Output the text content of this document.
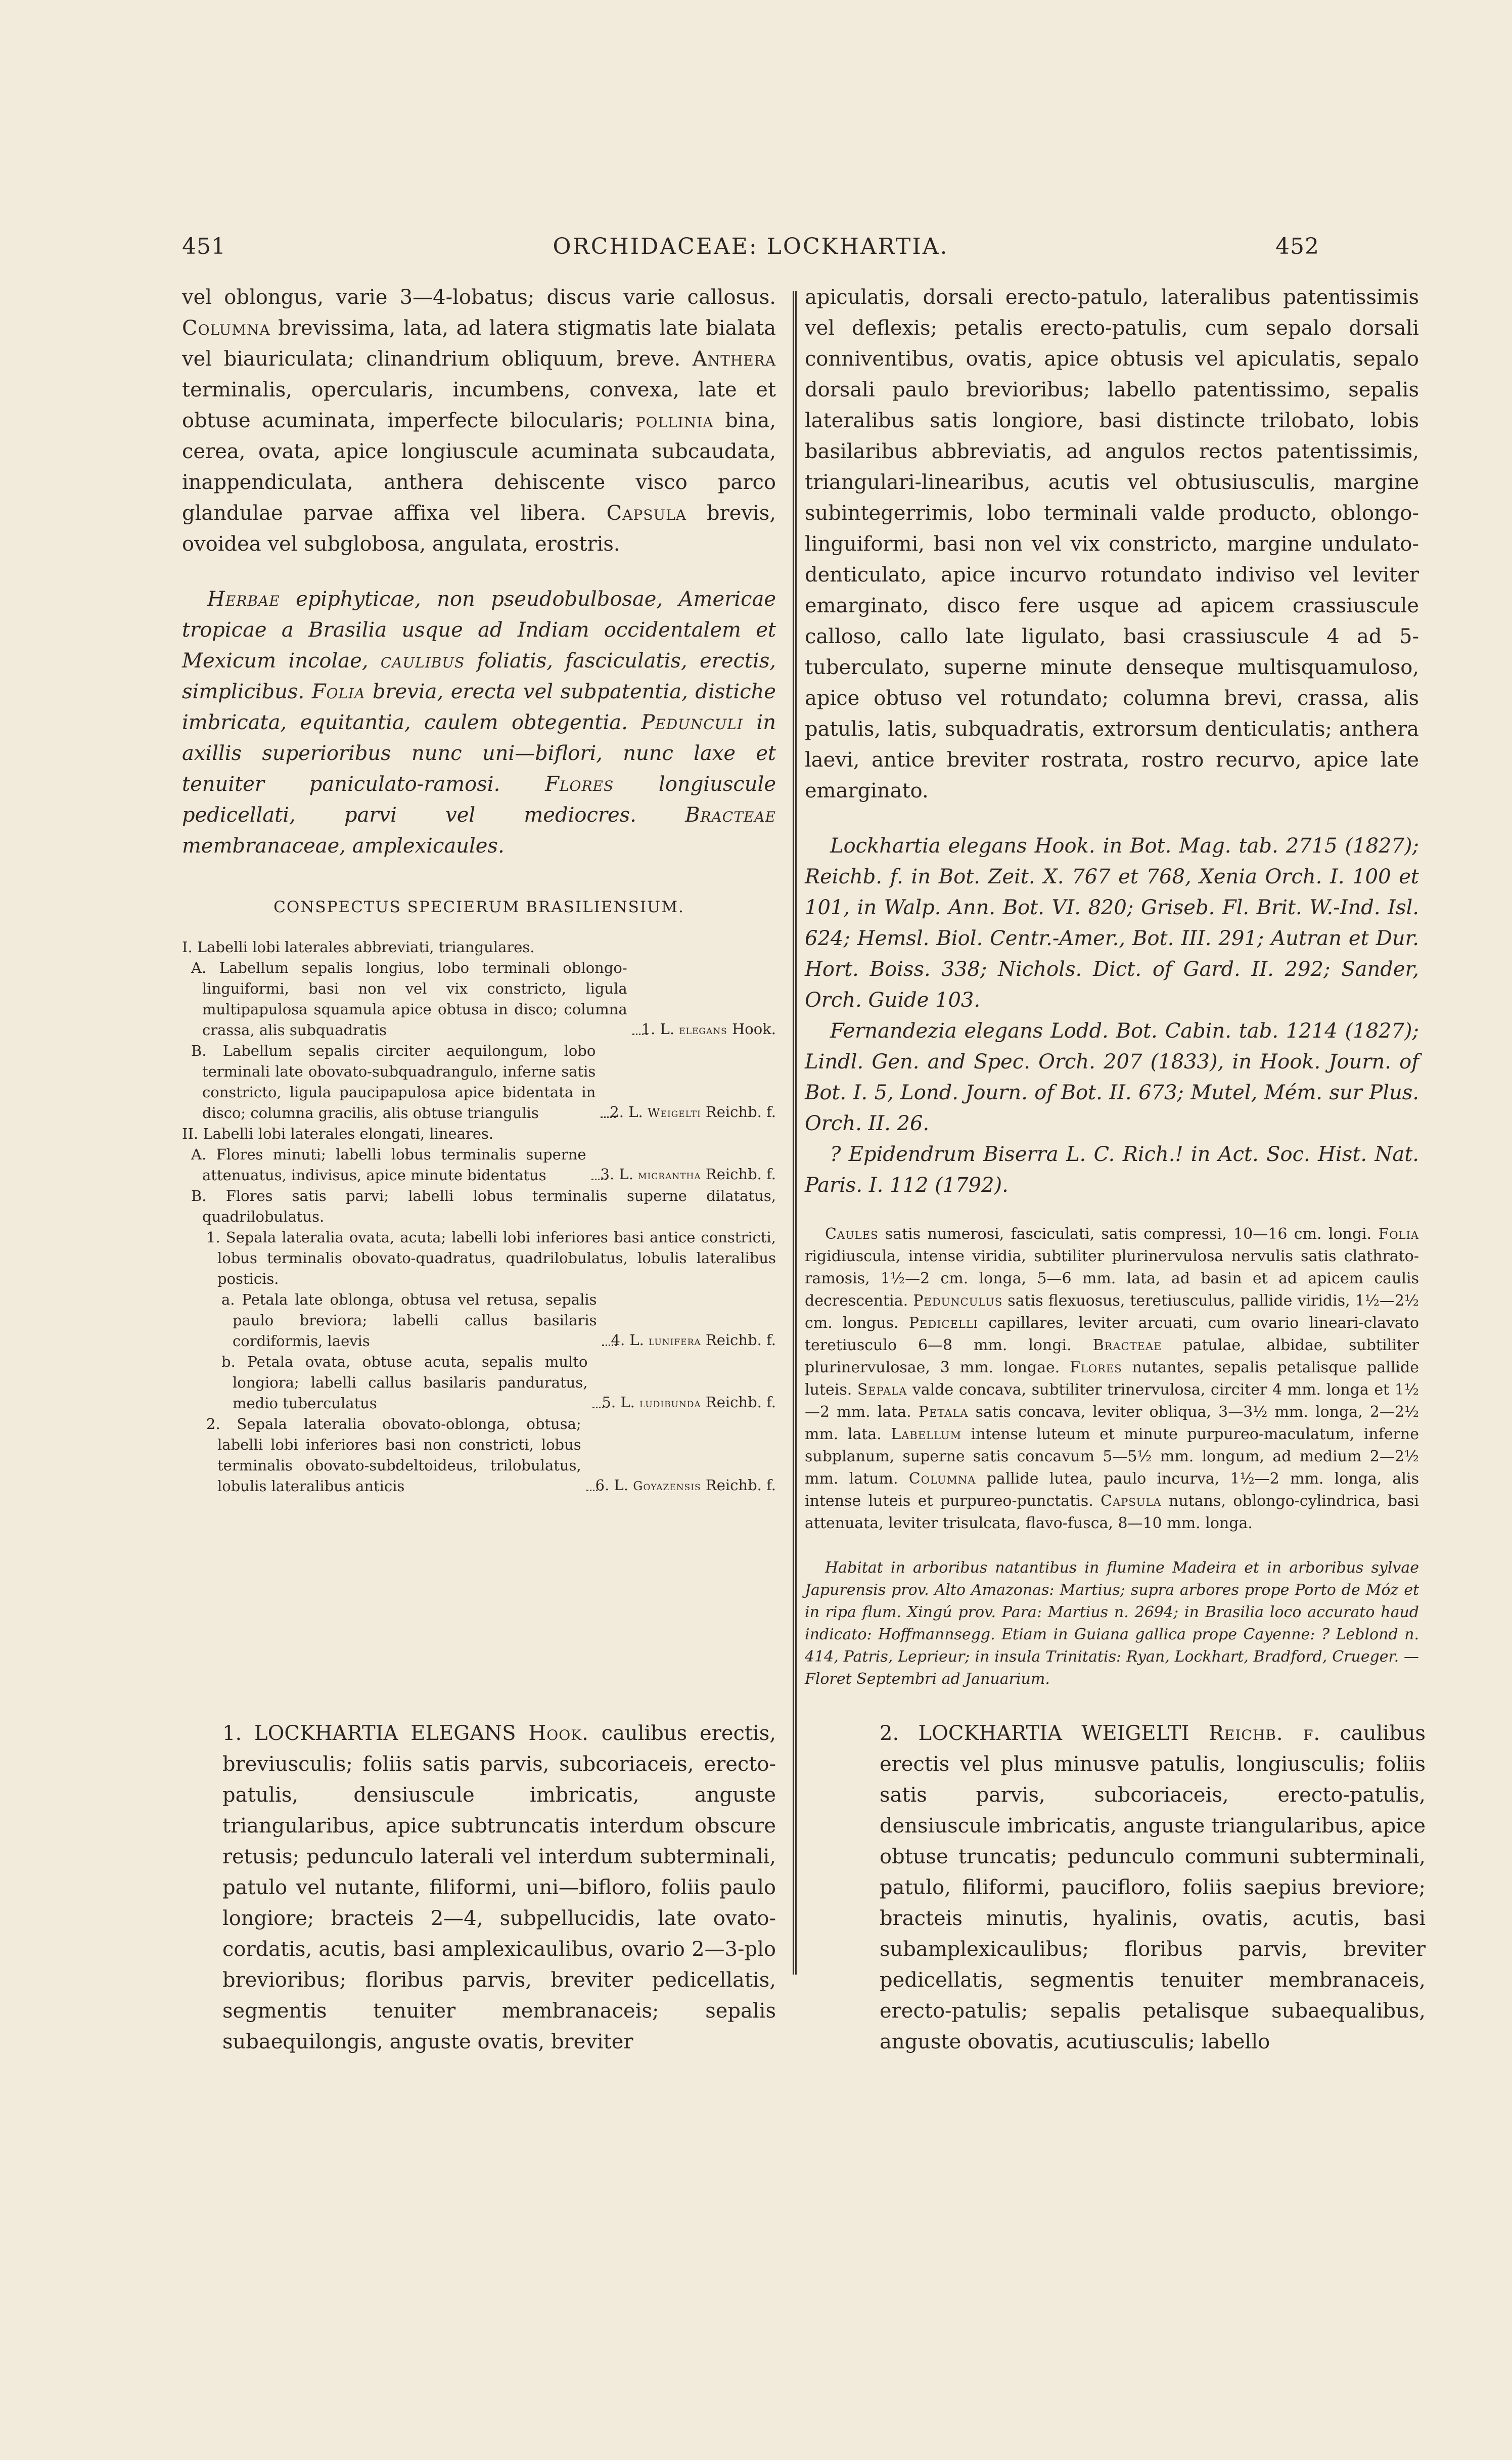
451	ORCHIDACEAE: LOCKHARTIA.	452

vel oblongus, varie 3—4-lobatus; discus varie callosus. Columna brevissima, lata, ad latera stigmatis late bialata vel biauriculata; clinandrium obliquum, breve. Anthera terminalis, opercularis, incumbens, convexa, late et obtuse acuminata, imperfecte bilocularis; pollinia bina, cerea, ovata, apice longiuscule acuminata subcaudata, inappendiculata, anthera dehiscente visco parco glandulae parvae affixa vel libera. Capsula brevis, ovoidea vel subglobosa, angulata, erostris.

Herbae epiphyticae, non pseudobulbosae, Americae tropicae a Brasilia usque ad Indiam occidentalem et Mexicum incolae, caulibus foliatis, fasciculatis, erectis, simplicibus. Folia brevia, erecta vel subpatentia, distiche imbricata, equitantia, caulem obtegentia. Pedunculi in axillis superioribus nunc uni—biflori, nunc laxe et tenuiter paniculato-ramosi. Flores longiuscule pedicellati, parvi vel mediocres. Bracteae membranaceae, amplexicaules.

CONSPECTUS SPECIERUM BRASILIENSIUM.
I. Labelli lobi laterales abbreviati, triangulares.
A. Labellum sepalis longius, lobo terminali oblongo-linguiformi, basi non vel vix constricto, ligula multipapulosa squamula apice obtusa in disco; columna crassa, alis subquadratis	1. L. elegans Hook.
B. Labellum sepalis circiter aequilongum, lobo terminali late obovato-subquadrangulo, inferne satis constricto, ligula paucipapulosa apice bidentata in disco; columna gracilis, alis obtuse triangulis	2. L. Weigelti Reichb. f.
II. Labelli lobi laterales elongati, lineares.
A. Flores minuti; labelli lobus terminalis superne attenuatus, indivisus, apice minute bidentatus	3. L. micrantha Reichb. f.
B. Flores satis parvi; labelli lobus terminalis superne dilatatus, quadrilobulatus.
1. Sepala lateralia ovata, acuta; labelli lobi inferiores basi antice constricti, lobus terminalis obovato-quadratus, quadrilobulatus, lobulis lateralibus posticis.
a. Petala late oblonga, obtusa vel retusa, sepalis paulo breviora; labelli callus basilaris cordiformis, laevis	4. L. lunifera Reichb. f.
b. Petala ovata, obtuse acuta, sepalis multo longiora; labelli callus basilaris panduratus, medio tuberculatus	5. L. ludibunda Reichb. f.
2. Sepala lateralia obovato-oblonga, obtusa; labelli lobi inferiores basi non constricti, lobus terminalis obovato-subdeltoideus, trilobulatus, lobulis lateralibus anticis	6. L. Goyazensis Reichb. f.

apiculatis, dorsali erecto-patulo, lateralibus patentissimis vel deflexis; petalis erecto-patulis, cum sepalo dorsali conniventibus, ovatis, apice obtusis vel apiculatis, sepalo dorsali paulo brevioribus; labello patentissimo, sepalis lateralibus satis longiore, basi distincte trilobato, lobis basilaribus abbreviatis, ad angulos rectos patentissimis, triangulari-linearibus, acutis vel obtusiusculis, margine subintegerrimis, lobo terminali valde producto, oblongo-linguiformi, basi non vel vix constricto, margine undulato-denticulato, apice incurvo rotundato indiviso vel leviter emarginato, disco fere usque ad apicem crassiuscule calloso, callo late ligulato, basi crassiuscule 4 ad 5-tuberculato, superne minute denseque multisquamuloso, apice obtuso vel rotundato; columna brevi, crassa, alis patulis, latis, subquadratis, extrorsum denticulatis; anthera laevi, antice breviter rostrata, rostro recurvo, apice late emarginato.

Lockhartia elegans Hook. in Bot. Mag. tab. 2715 (1827); Reichb. f. in Bot. Zeit. X. 767 et 768, Xenia Orch. I. 100 et 101, in Walp. Ann. Bot. VI. 820; Griseb. Fl. Brit. W.-Ind. Isl. 624; Hemsl. Biol. Centr.-Amer., Bot. III. 291; Autran et Dur. Hort. Boiss. 338; Nichols. Dict. of Gard. II. 292; Sander, Orch. Guide 103.

Fernandezia elegans Lodd. Bot. Cabin. tab. 1214 (1827); Lindl. Gen. and Spec. Orch. 207 (1833), in Hook. Journ. of Bot. I. 5, Lond. Journ. of Bot. II. 673; Mutel, Mém. sur Plus. Orch. II. 26.

? Epidendrum Biserra L. C. Rich.! in Act. Soc. Hist. Nat. Paris. I. 112 (1792).

Caules satis numerosi, fasciculati, satis compressi, 10—16 cm. longi. Folia rigidiuscula, intense viridia, subtiliter plurinervulosa nervulis satis clathrato-ramosis, 1½—2 cm. longa, 5—6 mm. lata, ad basin et ad apicem caulis decrescentia. Pedunculus satis flexuosus, teretiusculus, pallide viridis, 1½—2½ cm. longus. Pedicelli capillares, leviter arcuati, cum ovario lineari-clavato teretiusculo 6—8 mm. longi. Bracteae patulae, albidae, subtiliter plurinervulosae, 3 mm. longae. Flores nutantes, sepalis petalisque pallide luteis. Sepala valde concava, subtiliter trinervulosa, circiter 4 mm. longa et 1½—2 mm. lata. Petala satis concava, leviter obliqua, 3—3½ mm. longa, 2—2½ mm. lata. Labellum intense luteum et minute purpureo-maculatum, inferne subplanum, superne satis concavum 5—5½ mm. longum, ad medium 2—2½ mm. latum. Columna pallide lutea, paulo incurva, 1½—2 mm. longa, alis intense luteis et purpureo-punctatis. Capsula nutans, oblongo-cylindrica, basi attenuata, leviter trisulcata, flavo-fusca, 8—10 mm. longa.

Habitat in arboribus natantibus in flumine Madeira et in arboribus sylvae Japurensis prov. Alto Amazonas: Martius; supra arbores prope Porto de Móz et in ripa flum. Xingú prov. Para: Martius n. 2694; in Brasilia loco accurato haud indicato: Hoffmannsegg. Etiam in Guiana gallica prope Cayenne: ? Leblond n. 414, Patris, Leprieur; in insula Trinitatis: Ryan, Lockhart, Bradford, Crueger. — Floret Septembri ad Januarium.

1. LOCKHARTIA ELEGANS Hook. caulibus erectis, breviusculis; foliis satis parvis, subcoriaceis, erecto-patulis, densiuscule imbricatis, anguste triangularibus, apice subtruncatis interdum obscure retusis; pedunculo laterali vel interdum subterminali, patulo vel nutante, filiformi, uni—bifloro, foliis paulo longiore; bracteis 2—4, subpellucidis, late ovato-cordatis, acutis, basi amplexicaulibus, ovario 2—3-plo brevioribus; floribus parvis, breviter pedicellatis, segmentis tenuiter membranaceis; sepalis subaequilongis, anguste ovatis, breviter
2. LOCKHARTIA WEIGELTI Reichb. f. caulibus erectis vel plus minusve patulis, longiusculis; foliis satis parvis, subcoriaceis, erecto-patulis, densiuscule imbricatis, anguste triangularibus, apice obtuse truncatis; pedunculo communi subterminali, patulo, filiformi, paucifloro, foliis saepius breviore; bracteis minutis, hyalinis, ovatis, acutis, basi subamplexicaulibus; floribus parvis, breviter pedicellatis, segmentis tenuiter membranaceis, erecto-patulis; sepalis petalisque subaequalibus, anguste obovatis, acutiusculis; labello
